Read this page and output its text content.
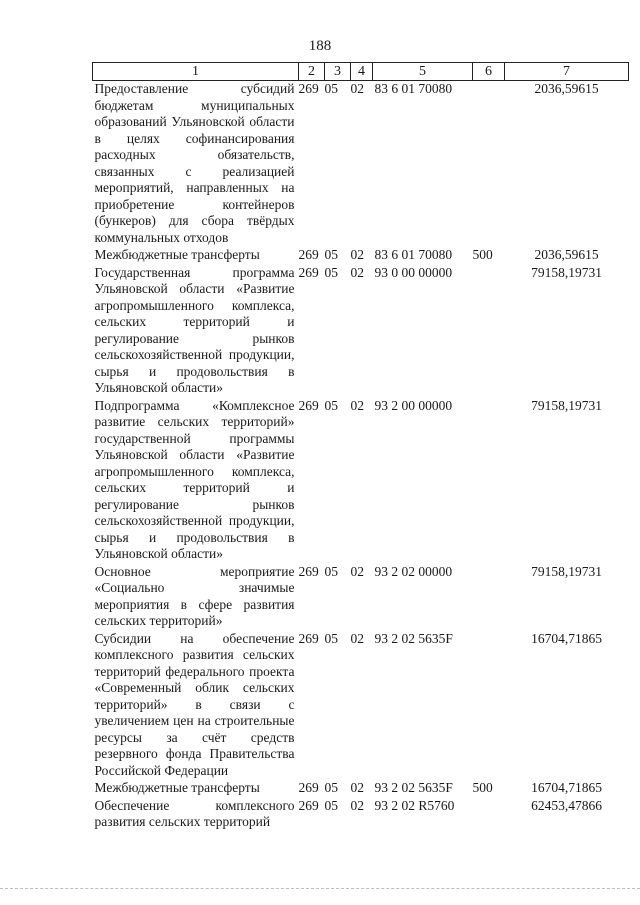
188
1	2	3	4	5	6	7
Предоставление субсидий бюджетам муниципальных образований Ульяновской области в целях софинансирования расходных обязательств, связанных с реализацией мероприятий, направленных на приобретение контейнеров (бункеров) для сбора твёрдых коммунальных отходов	269	05	02	83 6 01 70080		2036,59615
Межбюджетные трансферты	269	05	02	83 6 01 70080	500	2036,59615
Государственная программа Ульяновской области «Развитие агропромышленного комплекса, сельских территорий и регулирование рынков сельскохозяйственной продукции, сырья и продовольствия в Ульяновской области»	269	05	02	93 0 00 00000		79158,19731
Подпрограмма «Комплексное развитие сельских территорий» государственной программы Ульяновской области «Развитие агропромышленного комплекса, сельских территорий и регулирование рынков сельскохозяйственной продукции, сырья и продовольствия в Ульяновской области»	269	05	02	93 2 00 00000		79158,19731
Основное мероприятие «Социально значимые мероприятия в сфере развития сельских территорий»	269	05	02	93 2 02 00000		79158,19731
Субсидии на обеспечение комплексного развития сельских территорий федерального проекта «Современный облик сельских территорий» в связи с увеличением цен на строительные ресурсы за счёт средств резервного фонда Правительства Российской Федерации	269	05	02	93 2 02 5635F		16704,71865
Межбюджетные трансферты	269	05	02	93 2 02 5635F	500	16704,71865
Обеспечение комплексного развития сельских территорий	269	05	02	93 2 02 R5760		62453,47866
